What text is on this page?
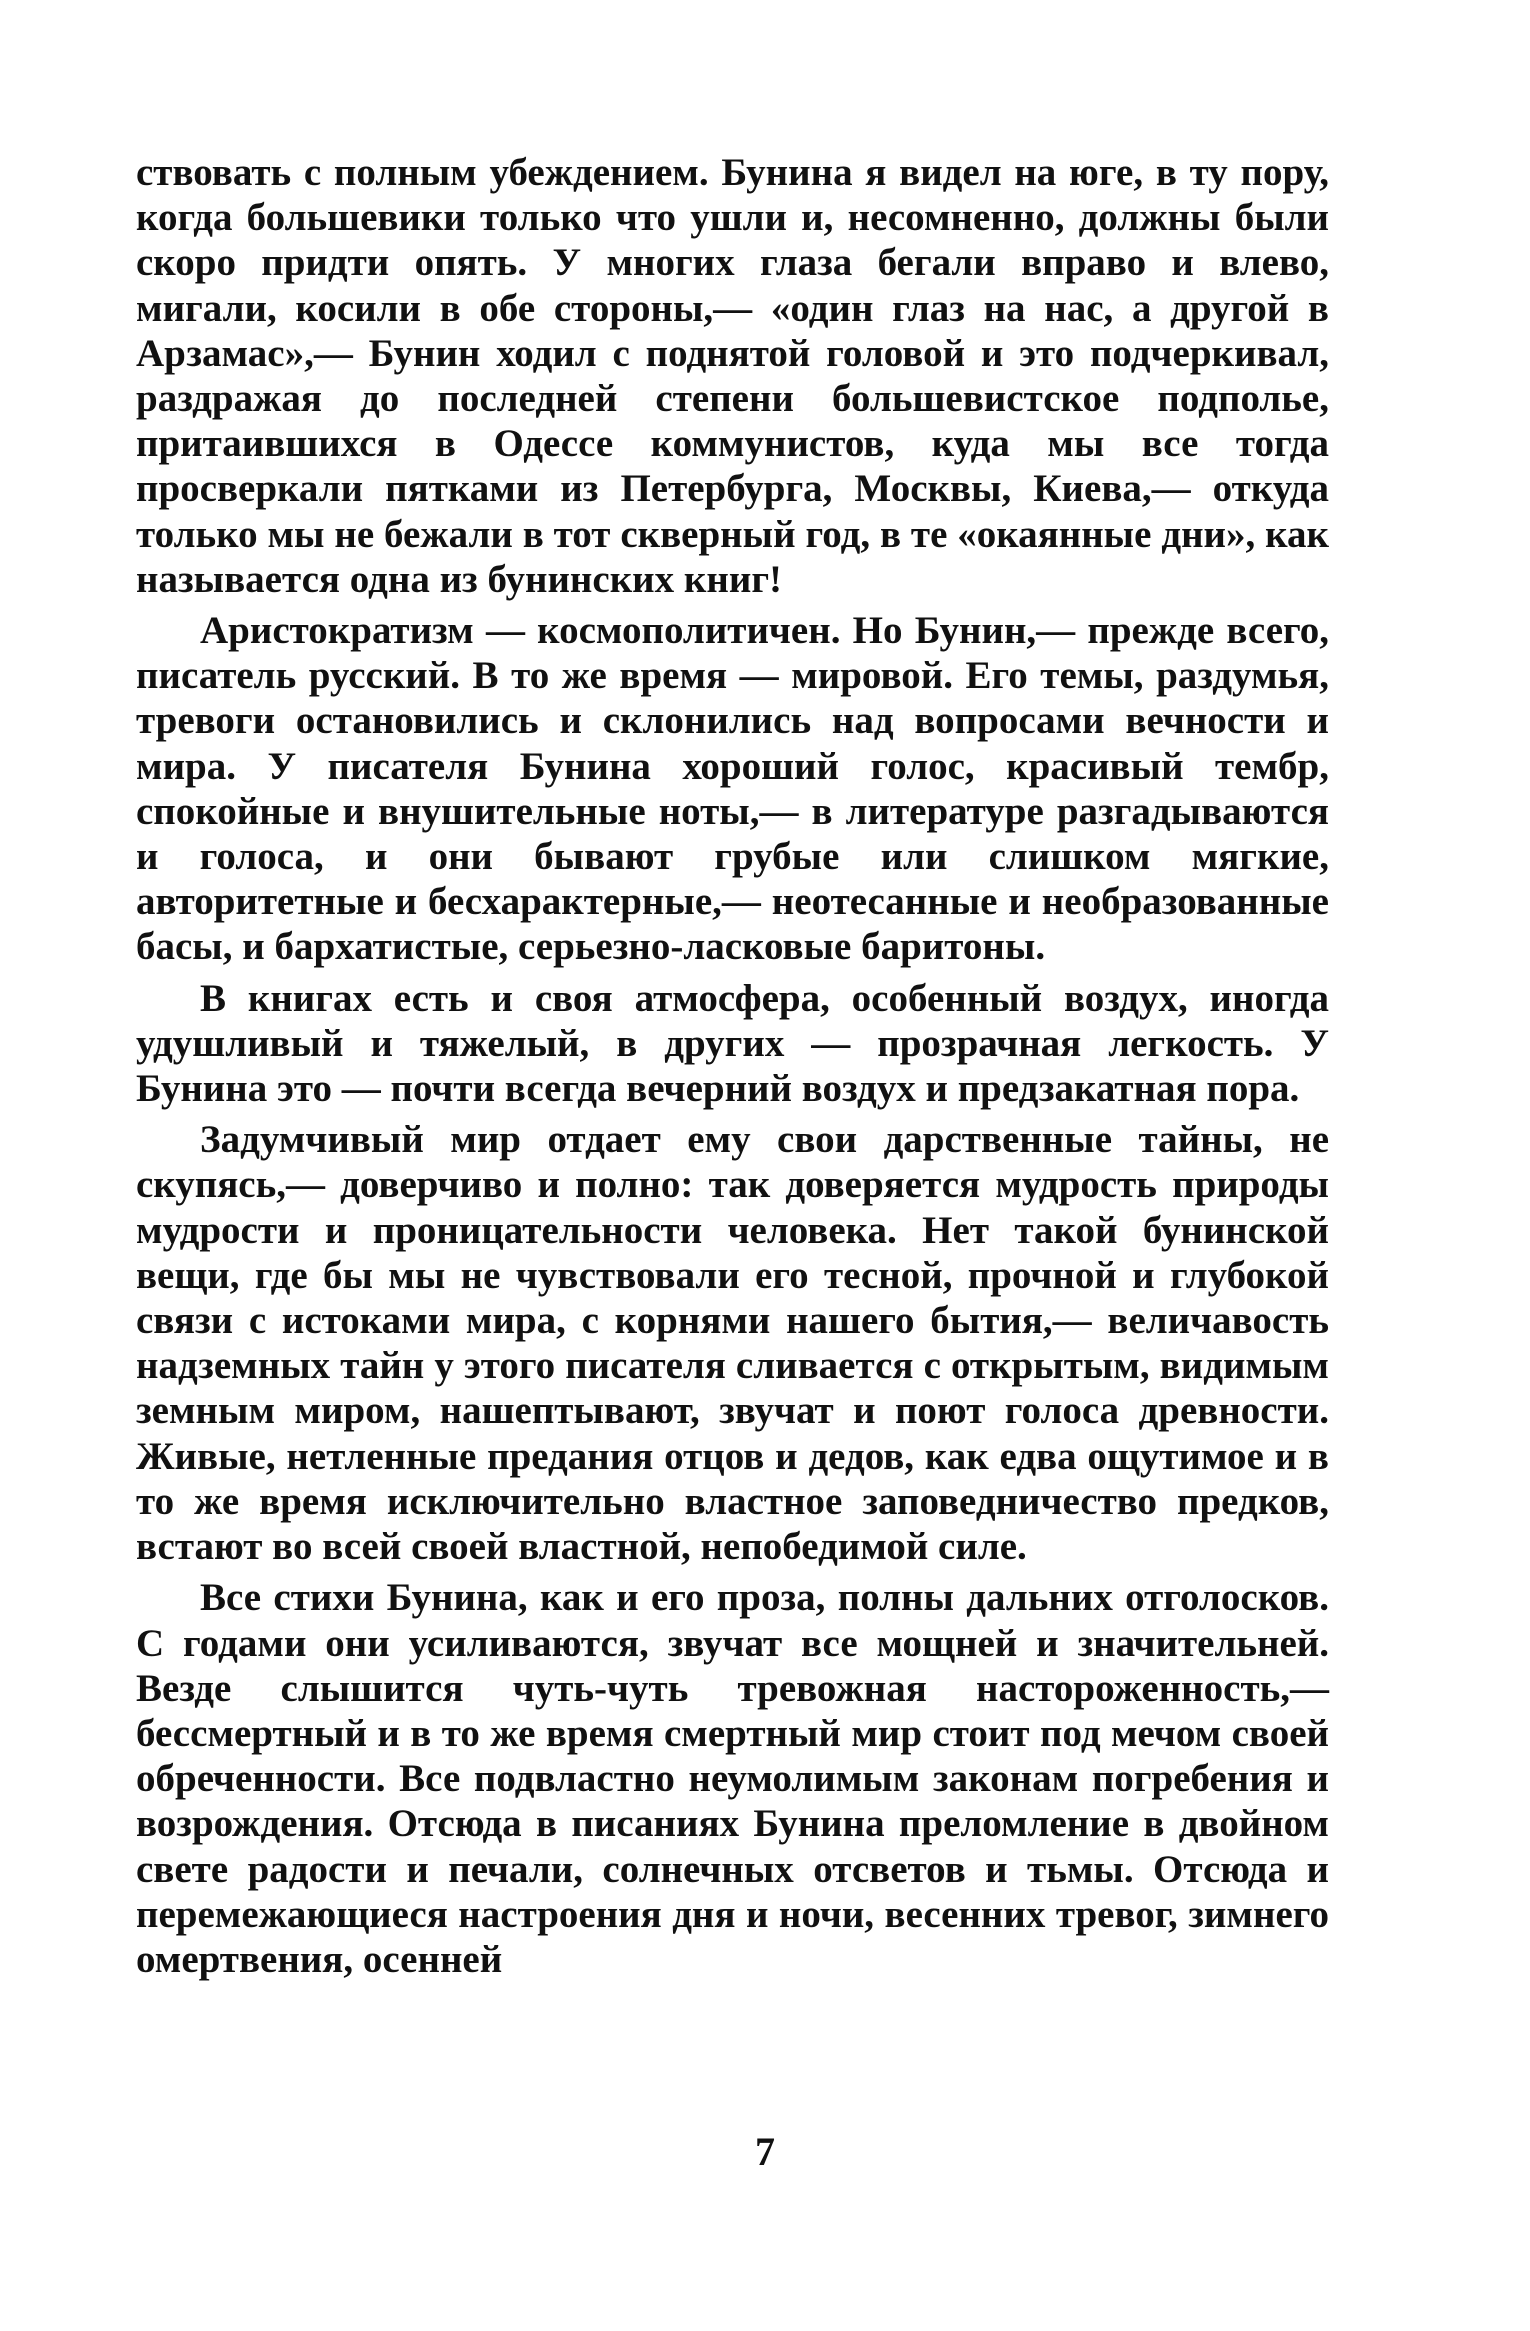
ствовать с полным убеждением. Бунина я видел на юге, в ту пору, когда большевики только что ушли и, несомненно, должны были скоро придти опять. У многих глаза бегали вправо и влево, мигали, косили в обе стороны,— «один глаз на нас, а другой в Арзамас»,— Бунин ходил с поднятой головой и это подчеркивал, раздражая до последней степени большевистское подполье, притаившихся в Одессе коммунистов, куда мы все тогда просверкали пятками из Петербурга, Москвы, Киева,— откуда только мы не бежали в тот скверный год, в те «окаянные дни», как называется одна из бунинских книг!

Аристократизм — космополитичен. Но Бунин,— прежде всего, писатель русский. В то же время — мировой. Его темы, раздумья, тревоги остановились и склонились над вопросами вечности и мира. У писателя Бунина хороший голос, красивый тембр, спокойные и внушительные ноты,— в литературе разгадываются и голоса, и они бывают грубые или слишком мягкие, авторитетные и бесхарактерные,— неотесанные и необразованные басы, и бархатистые, серьезно-ласковые баритоны.

В книгах есть и своя атмосфера, особенный воздух, иногда удушливый и тяжелый, в других — прозрачная легкость. У Бунина это — почти всегда вечерний воздух и предзакатная пора.

Задумчивый мир отдает ему свои дарственные тайны, не скупясь,— доверчиво и полно: так доверяется мудрость природы мудрости и проницательности человека. Нет такой бунинской вещи, где бы мы не чувствовали его тесной, прочной и глубокой связи с истоками мира, с корнями нашего бытия,— величавость надземных тайн у этого писателя сливается с открытым, видимым земным миром, нашептывают, звучат и поют голоса древности. Живые, нетленные предания отцов и дедов, как едва ощутимое и в то же время исключительно властное заповедничество предков, встают во всей своей властной, непобедимой силе.

Все стихи Бунина, как и его проза, полны дальних отголосков. С годами они усиливаются, звучат все мощней и значительней. Везде слышится чуть-чуть тревожная настороженность,— бессмертный и в то же время смертный мир стоит под мечом своей обреченности. Все подвластно неумолимым законам погребения и возрождения. Отсюда в писаниях Бунина преломление в двойном свете радости и печали, солнечных отсветов и тьмы. Отсюда и перемежающиеся настроения дня и ночи, весенних тревог, зимнего омертвения, осенней

7
